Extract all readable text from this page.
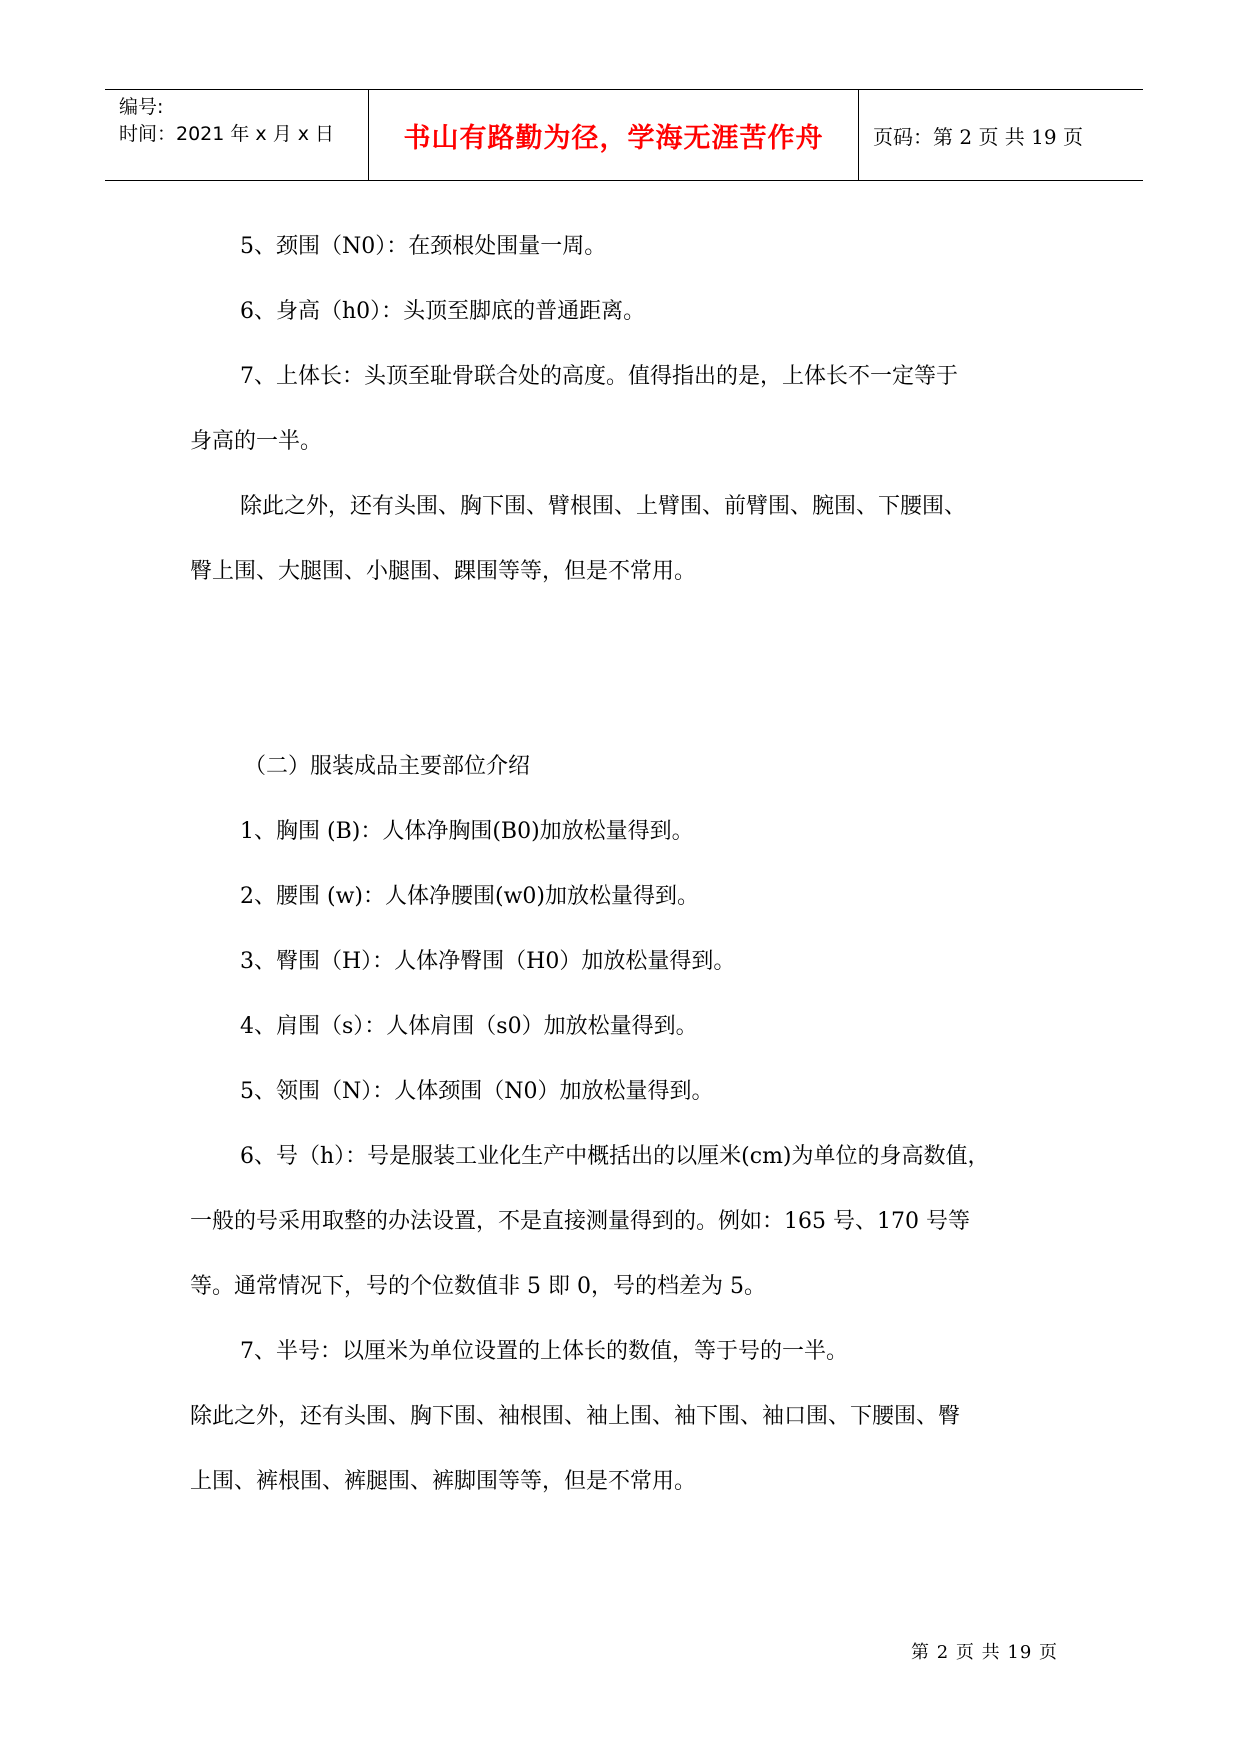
编号:
时间：2021 年 x 月 x 日	书山有路勤为径，学海无涯苦作舟	页码：第 2 页 共 19 页

5、颈围（N0）：在颈根处围量一周。

6、身高（h0）：头顶至脚底的普通距离。

7、上体长：头顶至耻骨联合处的高度。值得指出的是，上体长不一定等于

身高的一半。

除此之外，还有头围、胸下围、臂根围、上臂围、前臂围、腕围、下腰围、

臀上围、大腿围、小腿围、踝围等等，但是不常用。

（二）服装成品主要部位介绍

1、胸围 (B)：人体净胸围(B0)加放松量得到。

2、腰围 (w)：人体净腰围(w0)加放松量得到。

3、臀围（H）：人体净臀围（H0）加放松量得到。

4、肩围（s）：人体肩围（s0）加放松量得到。

5、领围（N）：人体颈围（N0）加放松量得到。

6、号（h）：号是服装工业化生产中概括出的以厘米(cm)为单位的身高数值，

一般的号采用取整的办法设置，不是直接测量得到的。例如：165 号、170 号等

等。通常情况下，号的个位数值非 5 即 0，号的档差为 5。

7、半号：以厘米为单位设置的上体长的数值，等于号的一半。

除此之外，还有头围、胸下围、袖根围、袖上围、袖下围、袖口围、下腰围、臀

上围、裤根围、裤腿围、裤脚围等等，但是不常用。

第 2 页 共 19 页
